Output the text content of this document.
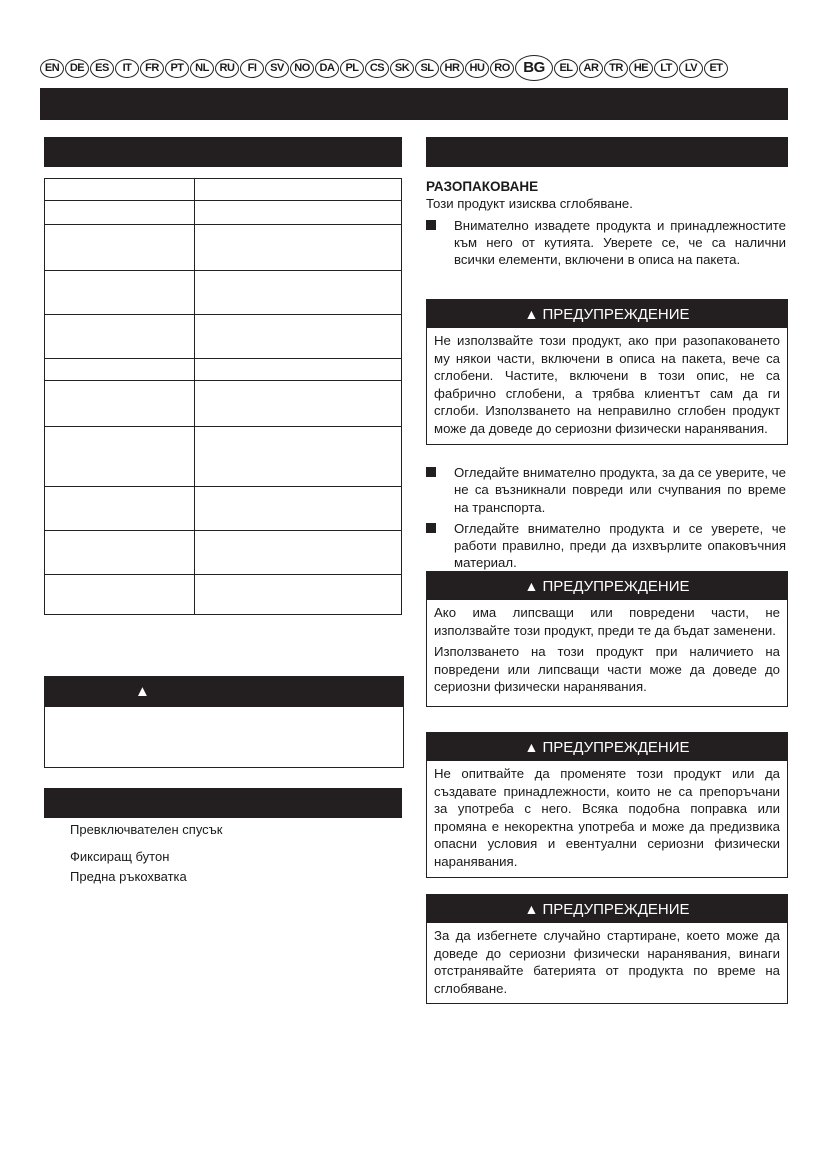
EN DE	ES	IT	FR	PT	NL RU	FI	SV NO DA	PL	CS SK	SL	HR HU RO BG	EL	AR TR	HE	LT	LV	ET

▲
Превключвателен спусък
Фиксиращ бутон
Предна ръкохватка
РАЗОПАКОВАНЕ
Този продукт изисква сглобяване.
Внимателно извадете продукта и принадлежностите към него от кутията. Уверете се, че са налични всички елементи, включени в описа на пакета.
▲ ПРЕДУПРЕЖДЕНИЕ
Не използвайте този продукт, ако при разопаковането му някои части, включени в описа на пакета, вече са сглобени. Частите, включени в този опис, не са фабрично сглобени, а трябва клиентът сам да ги сглоби. Използването на неправилно сглобен продукт може да доведе до сериозни физически наранявания.
Огледайте внимателно продукта, за да се уверите, че не са възникнали повреди или счупвания по време на транспорта.
Огледайте внимателно продукта и се уверете, че работи правилно, преди да изхвърлите опаковъчния материал.
▲ ПРЕДУПРЕЖДЕНИЕ

Ако има липсващи или повредени части, не използвайте този продукт, преди те да бъдат заменени.

Използването на този продукт при наличието на повредени или липсващи части може да доведе до сериозни физически наранявания.

▲ ПРЕДУПРЕЖДЕНИЕ
Не опитвайте да променяте този продукт или да създавате принадлежности, които не са препоръчани за употреба с него. Всяка подобна поправка или промяна е некоректна употреба и може да предизвика опасни условия и евентуални сериозни физически наранявания.
▲ ПРЕДУПРЕЖДЕНИЕ
За да избегнете случайно стартиране, което може да доведе до сериозни физически наранявания, винаги отстранявайте батерията от продукта по време на сглобяване.
